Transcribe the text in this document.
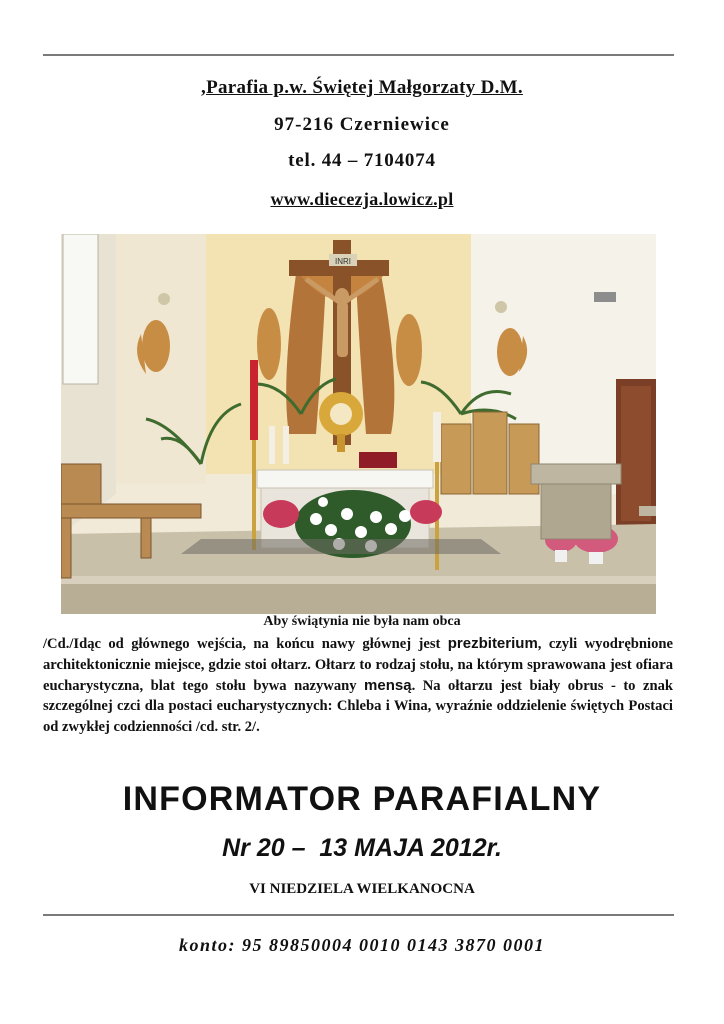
,Parafia p.w. Świętej Małgorzaty D.M.
97-216 Czerniewice
tel. 44 – 7104074
www.diecezja.lowicz.pl
INRI
Aby świątynia nie była nam obca

/Cd./Idąc od głównego wejścia, na końcu nawy głównej jest prezbiterium, czyli wyodrębnione architektonicznie miejsce, gdzie stoi ołtarz. Ołtarz to rodzaj stołu, na którym sprawowana jest ofiara eucharystyczna, blat tego stołu bywa nazywany mensą. Na ołtarzu jest biały obrus - to znak szczególnej czci dla postaci eucharystycznych: Chleba i Wina, wyraźnie oddzielenie świętych Postaci od zwykłej codzienności /cd. str. 2/.

INFORMATOR PARAFIALNY
Nr 20 –  13 MAJA 2012r.
VI NIEDZIELA WIELKANOCNA
konto: 95 89850004 0010 0143 3870 0001
